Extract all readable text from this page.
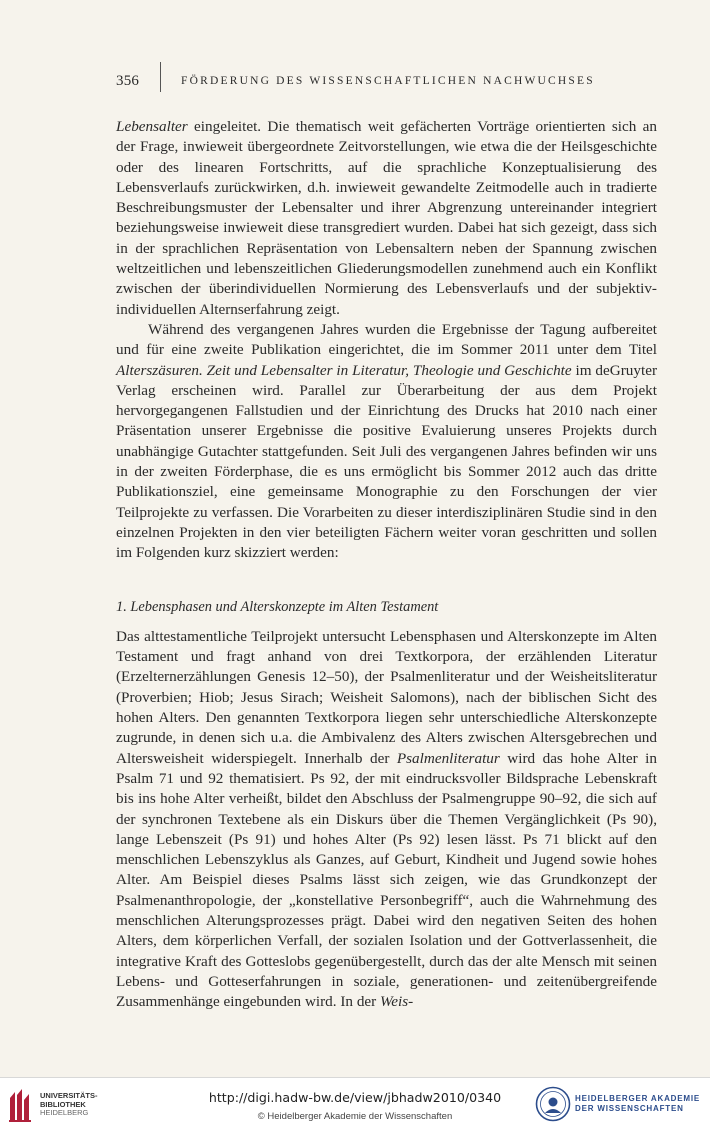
356	FÖRDERUNG DES WISSENSCHAFTLICHEN NACHWUCHSES

Lebensalter eingeleitet. Die thematisch weit gefächerten Vorträge orientierten sich an der Frage, inwieweit übergeordnete Zeitvorstellungen, wie etwa die der Heilsgeschichte oder des linearen Fortschritts, auf die sprachliche Konzeptualisierung des Lebensverlaufs zurückwirken, d.h. inwieweit gewandelte Zeitmodelle auch in tradierte Beschreibungsmuster der Lebensalter und ihrer Abgrenzung untereinander integriert beziehungsweise inwieweit diese transgrediert wurden. Dabei hat sich gezeigt, dass sich in der sprachlichen Repräsentation von Lebensaltern neben der Spannung zwischen weltzeitlichen und lebenszeitlichen Gliederungsmodellen zunehmend auch ein Konflikt zwischen der überindividuellen Normierung des Lebensverlaufs und der subjektiv-individuellen Alternserfahrung zeigt.

Während des vergangenen Jahres wurden die Ergebnisse der Tagung aufbereitet und für eine zweite Publikation eingerichtet, die im Sommer 2011 unter dem Titel Alterszäsuren. Zeit und Lebensalter in Literatur, Theologie und Geschichte im deGruyter Verlag erscheinen wird. Parallel zur Überarbeitung der aus dem Projekt hervorgegangenen Fallstudien und der Einrichtung des Drucks hat 2010 nach einer Präsentation unserer Ergebnisse die positive Evaluierung unseres Projekts durch unabhängige Gutachter stattgefunden. Seit Juli des vergangenen Jahres befinden wir uns in der zweiten Förderphase, die es uns ermöglicht bis Sommer 2012 auch das dritte Publikationsziel, eine gemeinsame Monographie zu den Forschungen der vier Teilprojekte zu verfassen. Die Vorarbeiten zu dieser interdisziplinären Studie sind in den einzelnen Projekten in den vier beteiligten Fächern weiter voran geschritten und sollen im Folgenden kurz skizziert werden:

1. Lebensphasen und Alterskonzepte im Alten Testament

Das alttestamentliche Teilprojekt untersucht Lebensphasen und Alterskonzepte im Alten Testament und fragt anhand von drei Textkorpora, der erzählenden Literatur (Erzelternerzählungen Genesis 12–50), der Psalmenliteratur und der Weisheitsliteratur (Proverbien; Hiob; Jesus Sirach; Weisheit Salomons), nach der biblischen Sicht des hohen Alters. Den genannten Textkorpora liegen sehr unterschiedliche Alterskonzepte zugrunde, in denen sich u.a. die Ambivalenz des Alters zwischen Altersgebrechen und Altersweisheit widerspiegelt. Innerhalb der Psalmenliteratur wird das hohe Alter in Psalm 71 und 92 thematisiert. Ps 92, der mit eindrucksvoller Bildsprache Lebenskraft bis ins hohe Alter verheißt, bildet den Abschluss der Psalmengruppe 90–92, die sich auf der synchronen Textebene als ein Diskurs über die Themen Vergänglichkeit (Ps 90), lange Lebenszeit (Ps 91) und hohes Alter (Ps 92) lesen lässt. Ps 71 blickt auf den menschlichen Lebenszyklus als Ganzes, auf Geburt, Kindheit und Jugend sowie hohes Alter. Am Beispiel dieses Psalms lässt sich zeigen, wie das Grundkonzept der Psalmenanthropologie, der „konstellative Personbegriff“, auch die Wahrnehmung des menschlichen Alterungsprozesses prägt. Dabei wird den negativen Seiten des hohen Alters, dem körperlichen Verfall, der sozialen Isolation und der Gottverlassenheit, die integrative Kraft des Gotteslobs gegenübergestellt, durch das der alte Mensch mit seinen Lebens- und Gotteserfahrungen in soziale, generationen- und zeitenübergreifende Zusammenhänge eingebunden wird. In der Weis-

UNIVERSITÄTS-
BIBLIOTHEK
HEIDELBERG
http://digi.hadw-bw.de/view/jbhadw2010/0340
© Heidelberger Akademie der Wissenschaften
HEIDELBERGER AKADEMIE
DER WISSENSCHAFTEN
